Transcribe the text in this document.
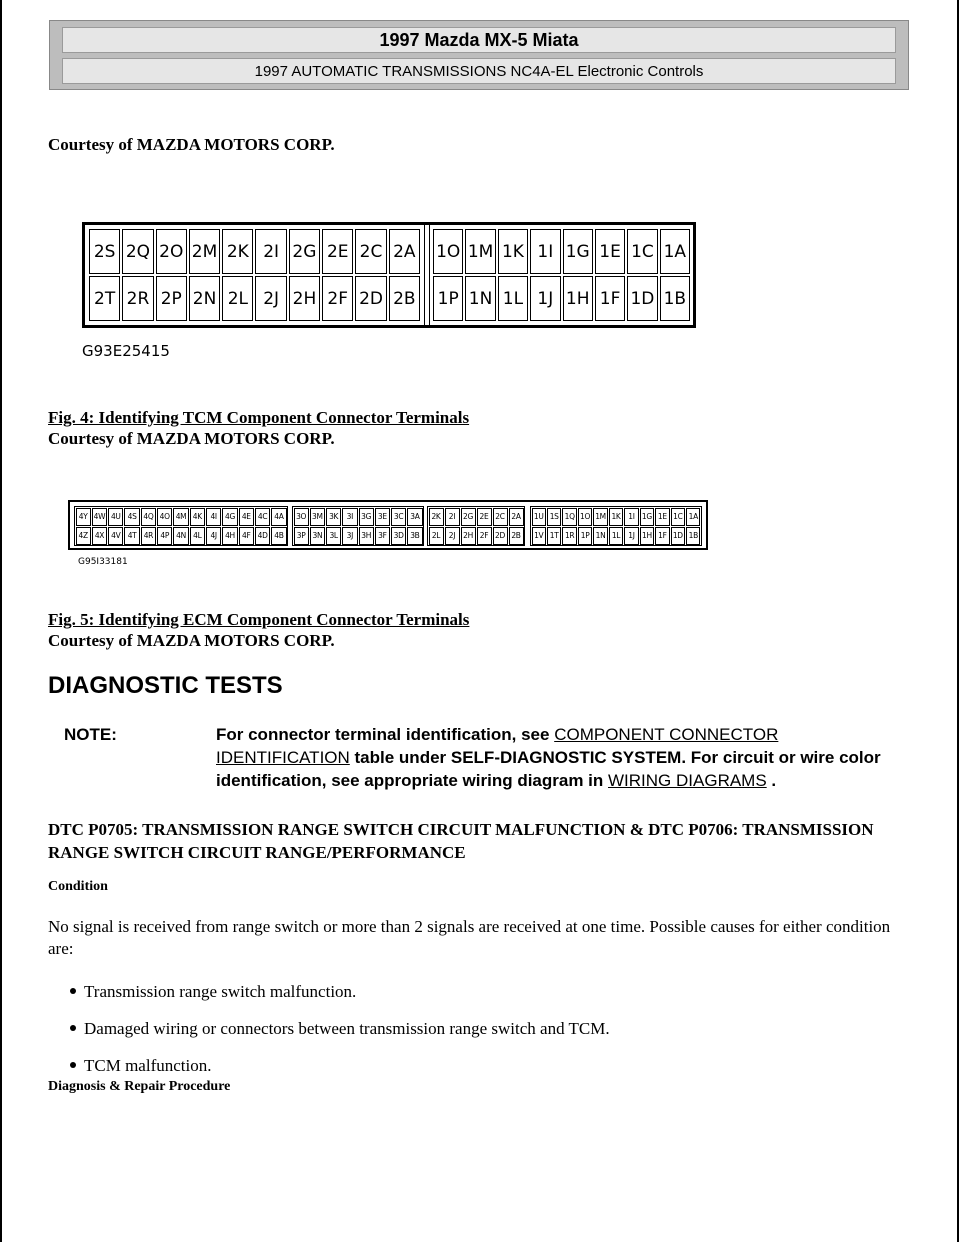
1997 Mazda MX-5 Miata
1997 AUTOMATIC TRANSMISSIONS NC4A-EL Electronic Controls
Courtesy of MAZDA MOTORS CORP.
2S 2Q 2O 2M 2K 2I 2G 2E 2C 2A
2T 2R 2P 2N 2L 2J 2H 2F 2D 2B
1O 1M 1K 1I 1G 1E 1C 1A
1P 1N 1L 1J 1H 1F 1D 1B
G93E25415
Fig. 4: Identifying TCM Component Connector Terminals
Courtesy of MAZDA MOTORS CORP.
4Y 4W 4U 4S 4Q 4O 4M 4K	4I	4G 4E 4C 4A
4Z 4X 4V 4T 4R 4P 4N 4L	4J	4H 4F 4D 4B
3O 3M 3K	3I	3G 3E 3C 3A
3P 3N 3L	3J	3H 3F 3D 3B
2K	2I	2G 2E 2C 2A
2L	2J	2H 2F 2D 2B
1U 1S 1Q 1O 1M 1K	1I 1G 1E 1C 1A
1V 1T 1R 1P 1N 1L	1J 1H 1F 1D 1B
G95I33181
Fig. 5: Identifying ECM Component Connector Terminals
Courtesy of MAZDA MOTORS CORP.
DIAGNOSTIC TESTS
NOTE:	For connector terminal identification, see COMPONENT CONNECTOR IDENTIFICATION table under SELF-DIAGNOSTIC SYSTEM. For circuit or wire color identification, see appropriate wiring diagram in WIRING DIAGRAMS .
DTC P0705: TRANSMISSION RANGE SWITCH CIRCUIT MALFUNCTION & DTC P0706: TRANSMISSION RANGE SWITCH CIRCUIT RANGE/PERFORMANCE
Condition
No signal is received from range switch or more than 2 signals are received at one time. Possible causes for either condition are:
Transmission range switch malfunction.
Damaged wiring or connectors between transmission range switch and TCM.
TCM malfunction.
Diagnosis & Repair Procedure
